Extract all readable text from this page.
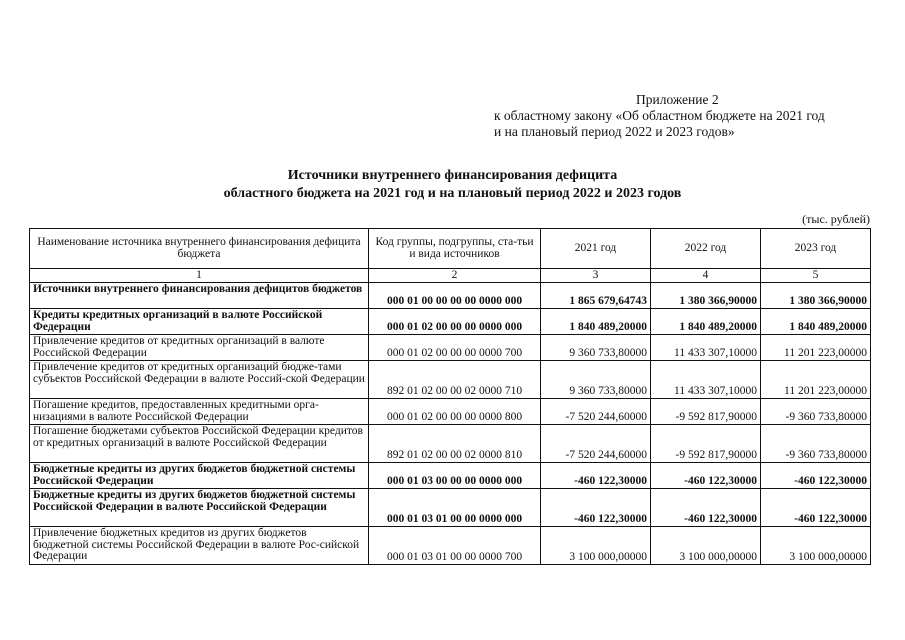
Приложение 2
к областному закону «Об областном бюджете на 2021 год
и на плановый период 2022 и 2023 годов»
Источники внутреннего финансирования дефицита
областного бюджета на 2021 год и на плановый период 2022 и 2023 годов
(тыс. рублей)
Наименование источника внутреннего финансирования дефицита бюджета	Код группы, подгруппы, ста-тьи и вида источников	2021 год	2022 год	2023 год
1	2	3	4	5
Источники внутреннего финансирования дефицитов бюджетов	000 01 00 00 00 00 0000 000	1 865 679,64743	1 380 366,90000	1 380 366,90000
Кредиты кредитных организаций в валюте Российской Федерации	000 01 02 00 00 00 0000 000	1 840 489,20000	1 840 489,20000	1 840 489,20000
Привлечение кредитов от кредитных организаций в валюте Российской Федерации	000 01 02 00 00 00 0000 700	9 360 733,80000	11 433 307,10000	11 201 223,00000
Привлечение кредитов от кредитных организаций бюдже-тами субъектов Российской Федерации в валюте Россий-ской Федерации	892 01 02 00 00 02 0000 710	9 360 733,80000	11 433 307,10000	11 201 223,00000
Погашение кредитов, предоставленных кредитными орга-низациями в валюте Российской Федерации	000 01 02 00 00 00 0000 800	-7 520 244,60000	-9 592 817,90000	-9 360 733,80000
Погашение бюджетами субъектов Российской Федерации кредитов от кредитных организаций в валюте Российской Федерации	892 01 02 00 00 02 0000 810	-7 520 244,60000	-9 592 817,90000	-9 360 733,80000
Бюджетные кредиты из других бюджетов бюджетной системы Российской Федерации	000 01 03 00 00 00 0000 000	-460 122,30000	-460 122,30000	-460 122,30000
Бюджетные кредиты из других бюджетов бюджетной системы Российской Федерации в валюте Российской Федерации	000 01 03 01 00 00 0000 000	-460 122,30000	-460 122,30000	-460 122,30000
Привлечение бюджетных кредитов из других бюджетов бюджетной системы Российской Федерации в валюте Рос-сийской Федерации	000 01 03 01 00 00 0000 700	3 100 000,00000	3 100 000,00000	3 100 000,00000
